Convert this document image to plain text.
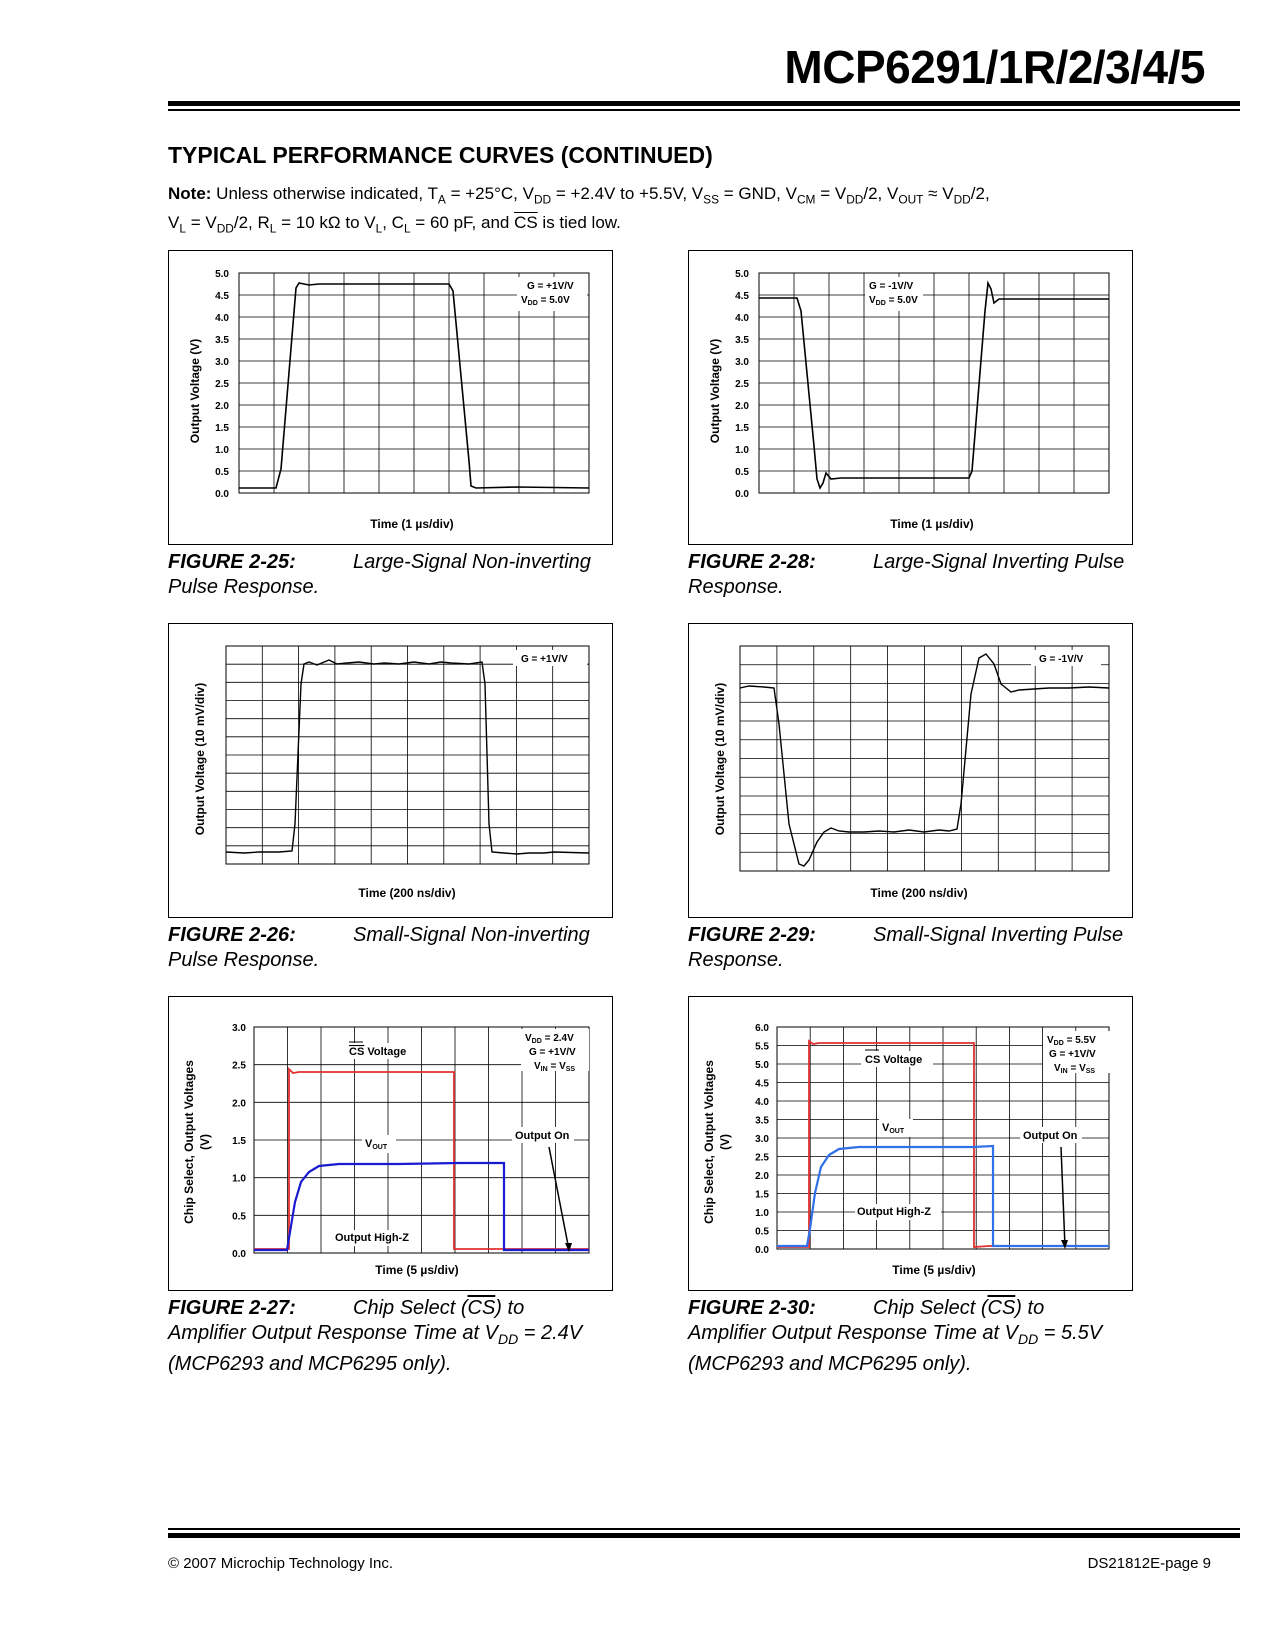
MCP6291/1R/2/3/4/5
TYPICAL PERFORMANCE CURVES (CONTINUED)
Note: Unless otherwise indicated, $T_A = +25^\circ C$, $V_{DD} = +2.4V$ to +5.5V, $V_{SS}$ = GND, $V_{CM} = V_{DD}/2$, $V_{OUT} \approx V_{DD}/2$,
$V_L = V_{DD}/2$, $R_L = 10$ kΩ to $V_L$, $C_L = 60$ pF, and $\overline{CS}$ is tied low.
5.0
4.5
4.0
3.5
3.0
2.5
2.0
1.5
1.0
0.5
0.0
G = +1V/V
$V_{DD} = 5.0V$
Output Voltage (V)
Time (1 µs/div)
FIGURE 2-25:	Large-Signal Non-inverting
Pulse Response.
5.0
4.5
4.0
3.5
3.0
2.5
2.0
1.5
1.0
0.5
0.0
G = -1V/V
$V_{DD} = 5.0V$
Output Voltage (V)
Time (1 µs/div)
FIGURE 2-28:	Large-Signal Inverting Pulse
Response.
G = +1V/V
Output Voltage (10 mV/div)
Time (200 ns/div)
FIGURE 2-26:	Small-Signal Non-inverting
Pulse Response.
G = -1V/V
Output Voltage (10 mV/div)
Time (200 ns/div)
FIGURE 2-29:	Small-Signal Inverting Pulse
Response.
3.0
2.5
2.0
1.5
1.0
0.5
0.0
$V_{DD} = 2.4V$
G = +1V/V
$V_{IN} = V_{SS}$
CS Voltage
VOUT
Output On
Output High-Z
Chip Select, Output Voltages (V)
Time (5 µs/div)
FIGURE 2-27:	Chip Select $(\overline{CS})$ to
Amplifier Output Response Time at $V_{DD} = 2.4V$
(MCP6293 and MCP6295 only).
6.0
5.5
5.0
4.5
4.0
3.5
3.0
2.5
2.0
1.5
1.0
0.5
0.0
$V_{DD} = 5.5V$
G = +1V/V
$V_{IN} = V_{SS}$
CS Voltage
VOUT	Output On
Output High-Z
Chip Select, Output Voltages (V)
Time (5 µs/div)
FIGURE 2-30:	Chip Select $(\overline{CS})$ to
Amplifier Output Response Time at $V_{DD} = 5.5V$
(MCP6293 and MCP6295 only).
© 2007 Microchip Technology Inc.	DS21812E-page 9
